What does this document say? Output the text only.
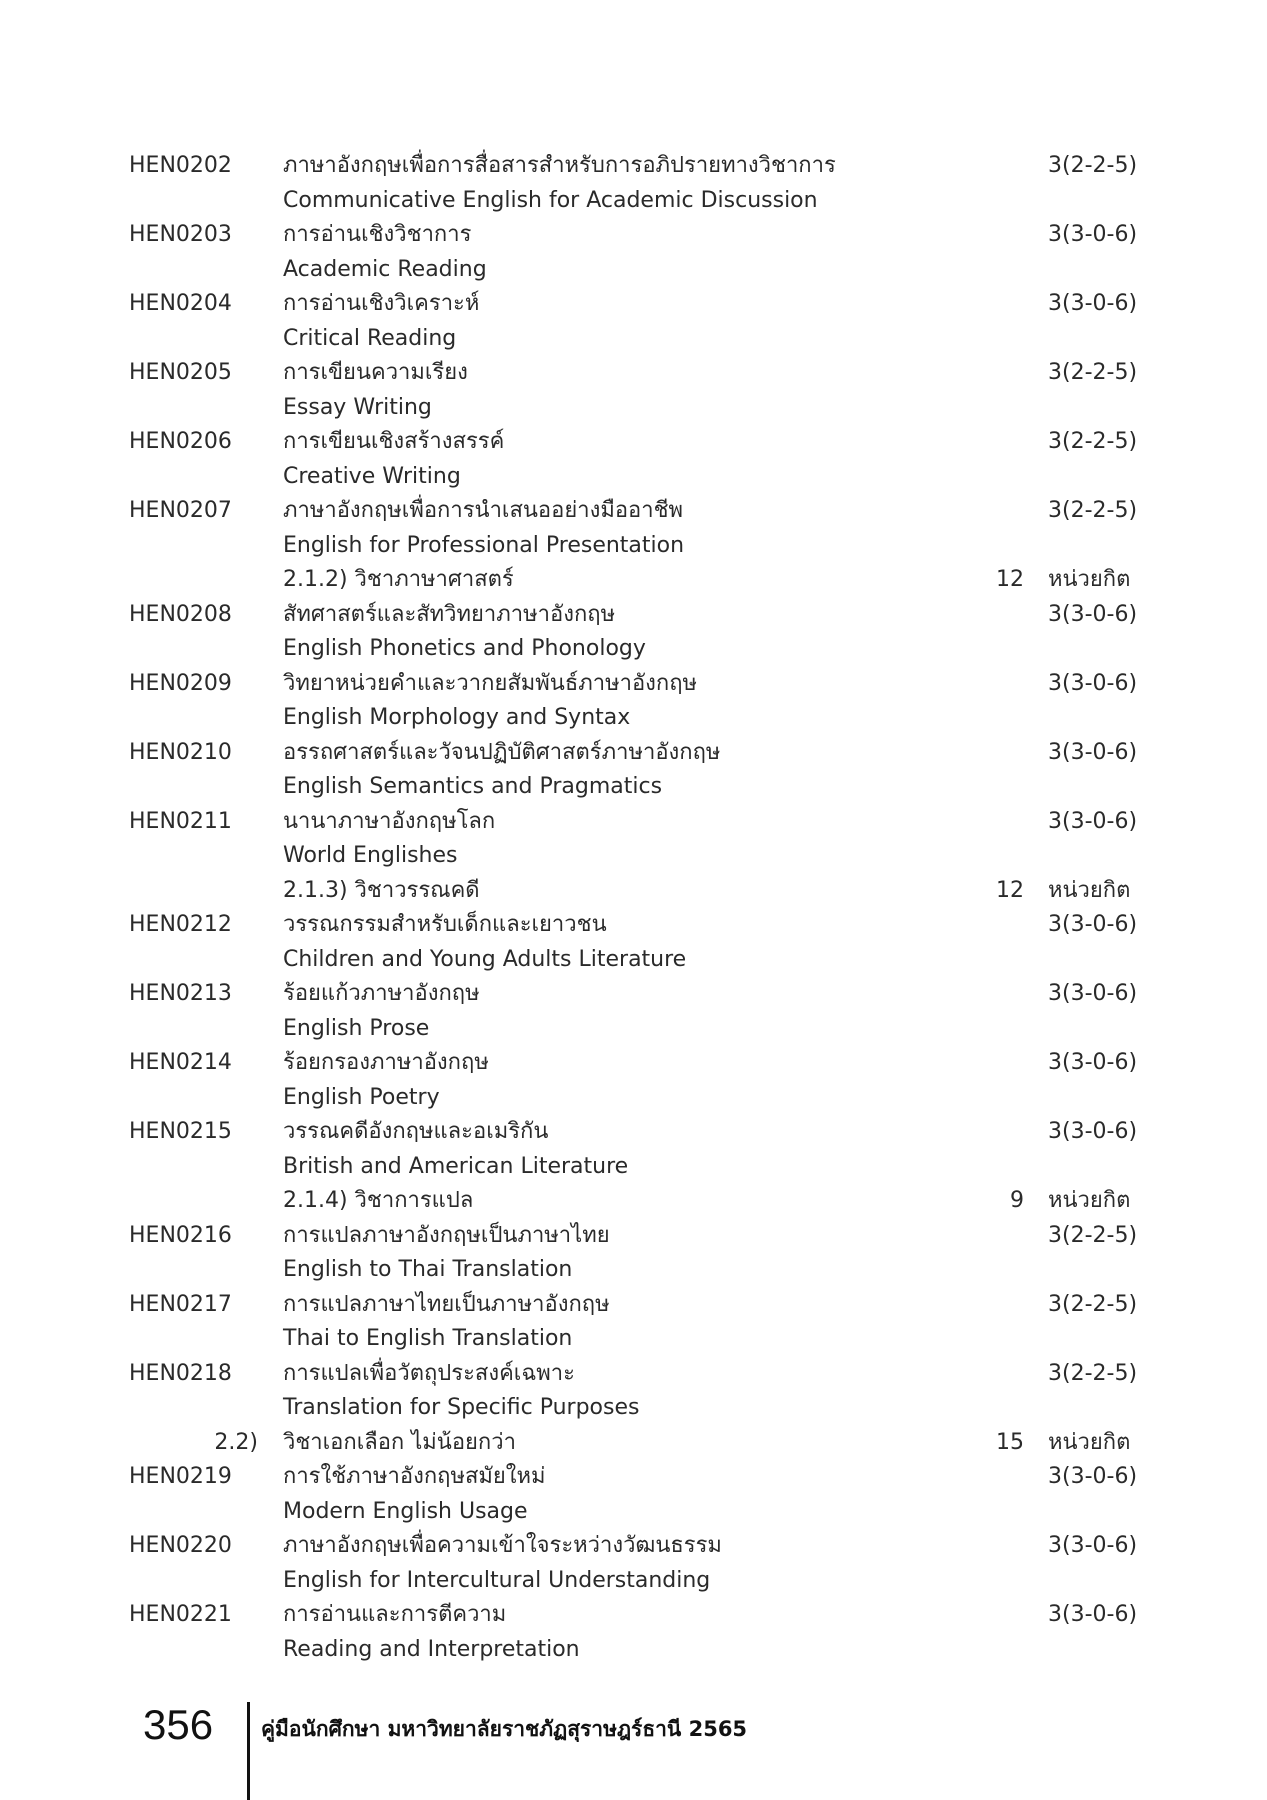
HEN0202 ภาษาอังกฤษเพื่อการสื่อสารสำหรับการอภิปรายทางวิชาการ	3(2-2-5)
Communicative English for Academic Discussion
HEN0203 การอ่านเชิงวิชาการ	3(3-0-6)
Academic Reading
HEN0204 การอ่านเชิงวิเคราะห์	3(3-0-6)
Critical Reading
HEN0205 การเขียนความเรียง	3(2-2-5)
Essay Writing
HEN0206 การเขียนเชิงสร้างสรรค์	3(2-2-5)
Creative Writing
HEN0207 ภาษาอังกฤษเพื่อการนำเสนออย่างมืออาชีพ	3(2-2-5)
English for Professional Presentation
2.1.2) วิชาภาษาศาสตร์	12 หน่วยกิต
HEN0208 สัทศาสตร์และสัทวิทยาภาษาอังกฤษ	3(3-0-6)
English Phonetics and Phonology
HEN0209 วิทยาหน่วยคำและวากยสัมพันธ์ภาษาอังกฤษ	3(3-0-6)
English Morphology and Syntax
HEN0210 อรรถศาสตร์และวัจนปฏิบัติศาสตร์ภาษาอังกฤษ	3(3-0-6)
English Semantics and Pragmatics
HEN0211 นานาภาษาอังกฤษโลก	3(3-0-6)
World Englishes
2.1.3) วิชาวรรณคดี	12 หน่วยกิต
HEN0212 วรรณกรรมสำหรับเด็กและเยาวชน	3(3-0-6)
Children and Young Adults Literature
HEN0213 ร้อยแก้วภาษาอังกฤษ	3(3-0-6)
English Prose
HEN0214 ร้อยกรองภาษาอังกฤษ	3(3-0-6)
English Poetry
HEN0215 วรรณคดีอังกฤษและอเมริกัน	3(3-0-6)
British and American Literature
2.1.4) วิชาการแปล	9 หน่วยกิต
HEN0216 การแปลภาษาอังกฤษเป็นภาษาไทย	3(2-2-5)
English to Thai Translation
HEN0217 การแปลภาษาไทยเป็นภาษาอังกฤษ	3(2-2-5)
Thai to English Translation
HEN0218 การแปลเพื่อวัตถุประสงค์เฉพาะ	3(2-2-5)
Translation for Specific Purposes
2.2) วิชาเอกเลือก ไม่น้อยกว่า	15 หน่วยกิต
HEN0219 การใช้ภาษาอังกฤษสมัยใหม่	3(3-0-6)
Modern English Usage
HEN0220 ภาษาอังกฤษเพื่อความเข้าใจระหว่างวัฒนธรรม	3(3-0-6)
English for Intercultural Understanding
HEN0221 การอ่านและการตีความ	3(3-0-6)
Reading and Interpretation
356 คู่มือนักศึกษา มหาวิทยาลัยราชภัฏสุราษฎร์ธานี 2565
